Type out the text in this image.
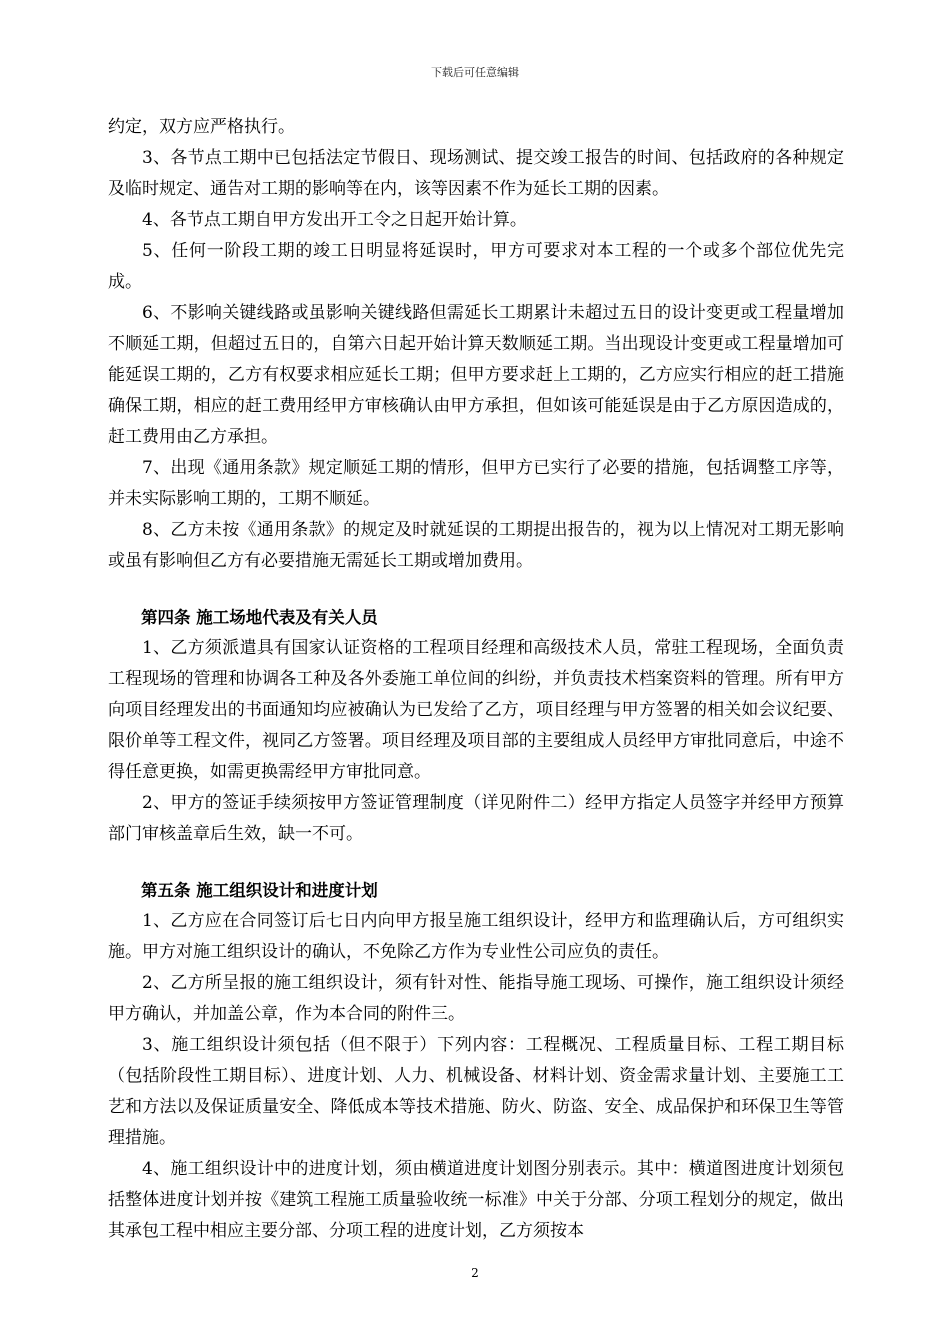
下载后可任意编辑

约定，双方应严格执行。

3、各节点工期中已包括法定节假日、现场测试、提交竣工报告的时间、包括政府的各种规定及临时规定、通告对工期的影响等在内，该等因素不作为延长工期的因素。

4、各节点工期自甲方发出开工令之日起开始计算。

5、任何一阶段工期的竣工日明显将延误时，甲方可要求对本工程的一个或多个部位优先完成。

6、不影响关键线路或虽影响关键线路但需延长工期累计未超过五日的设计变更或工程量增加不顺延工期，但超过五日的，自第六日起开始计算天数顺延工期。当出现设计变更或工程量增加可能延误工期的，乙方有权要求相应延长工期；但甲方要求赶上工期的，乙方应实行相应的赶工措施确保工期，相应的赶工费用经甲方审核确认由甲方承担，但如该可能延误是由于乙方原因造成的，赶工费用由乙方承担。

7、出现《通用条款》规定顺延工期的情形，但甲方已实行了必要的措施，包括调整工序等，并未实际影响工期的，工期不顺延。

8、乙方未按《通用条款》的规定及时就延误的工期提出报告的，视为以上情况对工期无影响或虽有影响但乙方有必要措施无需延长工期或增加费用。

第四条 施工场地代表及有关人员

1、乙方须派遣具有国家认证资格的工程项目经理和高级技术人员，常驻工程现场，全面负责工程现场的管理和协调各工种及各外委施工单位间的纠纷，并负责技术档案资料的管理。所有甲方向项目经理发出的书面通知均应被确认为已发给了乙方，项目经理与甲方签署的相关如会议纪要、限价单等工程文件，视同乙方签署。项目经理及项目部的主要组成人员经甲方审批同意后，中途不得任意更换，如需更换需经甲方审批同意。

2、甲方的签证手续须按甲方签证管理制度（详见附件二）经甲方指定人员签字并经甲方预算部门审核盖章后生效，缺一不可。

第五条 施工组织设计和进度计划

1、乙方应在合同签订后七日内向甲方报呈施工组织设计，经甲方和监理确认后，方可组织实施。甲方对施工组织设计的确认，不免除乙方作为专业性公司应负的责任。

2、乙方所呈报的施工组织设计，须有针对性、能指导施工现场、可操作，施工组织设计须经甲方确认，并加盖公章，作为本合同的附件三。

3、施工组织设计须包括（但不限于）下列内容：工程概况、工程质量目标、工程工期目标（包括阶段性工期目标）、进度计划、人力、机械设备、材料计划、资金需求量计划、主要施工工艺和方法以及保证质量安全、降低成本等技术措施、防火、防盗、安全、成品保护和环保卫生等管理措施。

4、施工组织设计中的进度计划，须由横道进度计划图分别表示。其中：横道图进度计划须包括整体进度计划并按《建筑工程施工质量验收统一标准》中关于分部、分项工程划分的规定，做出其承包工程中相应主要分部、分项工程的进度计划，乙方须按本

2
